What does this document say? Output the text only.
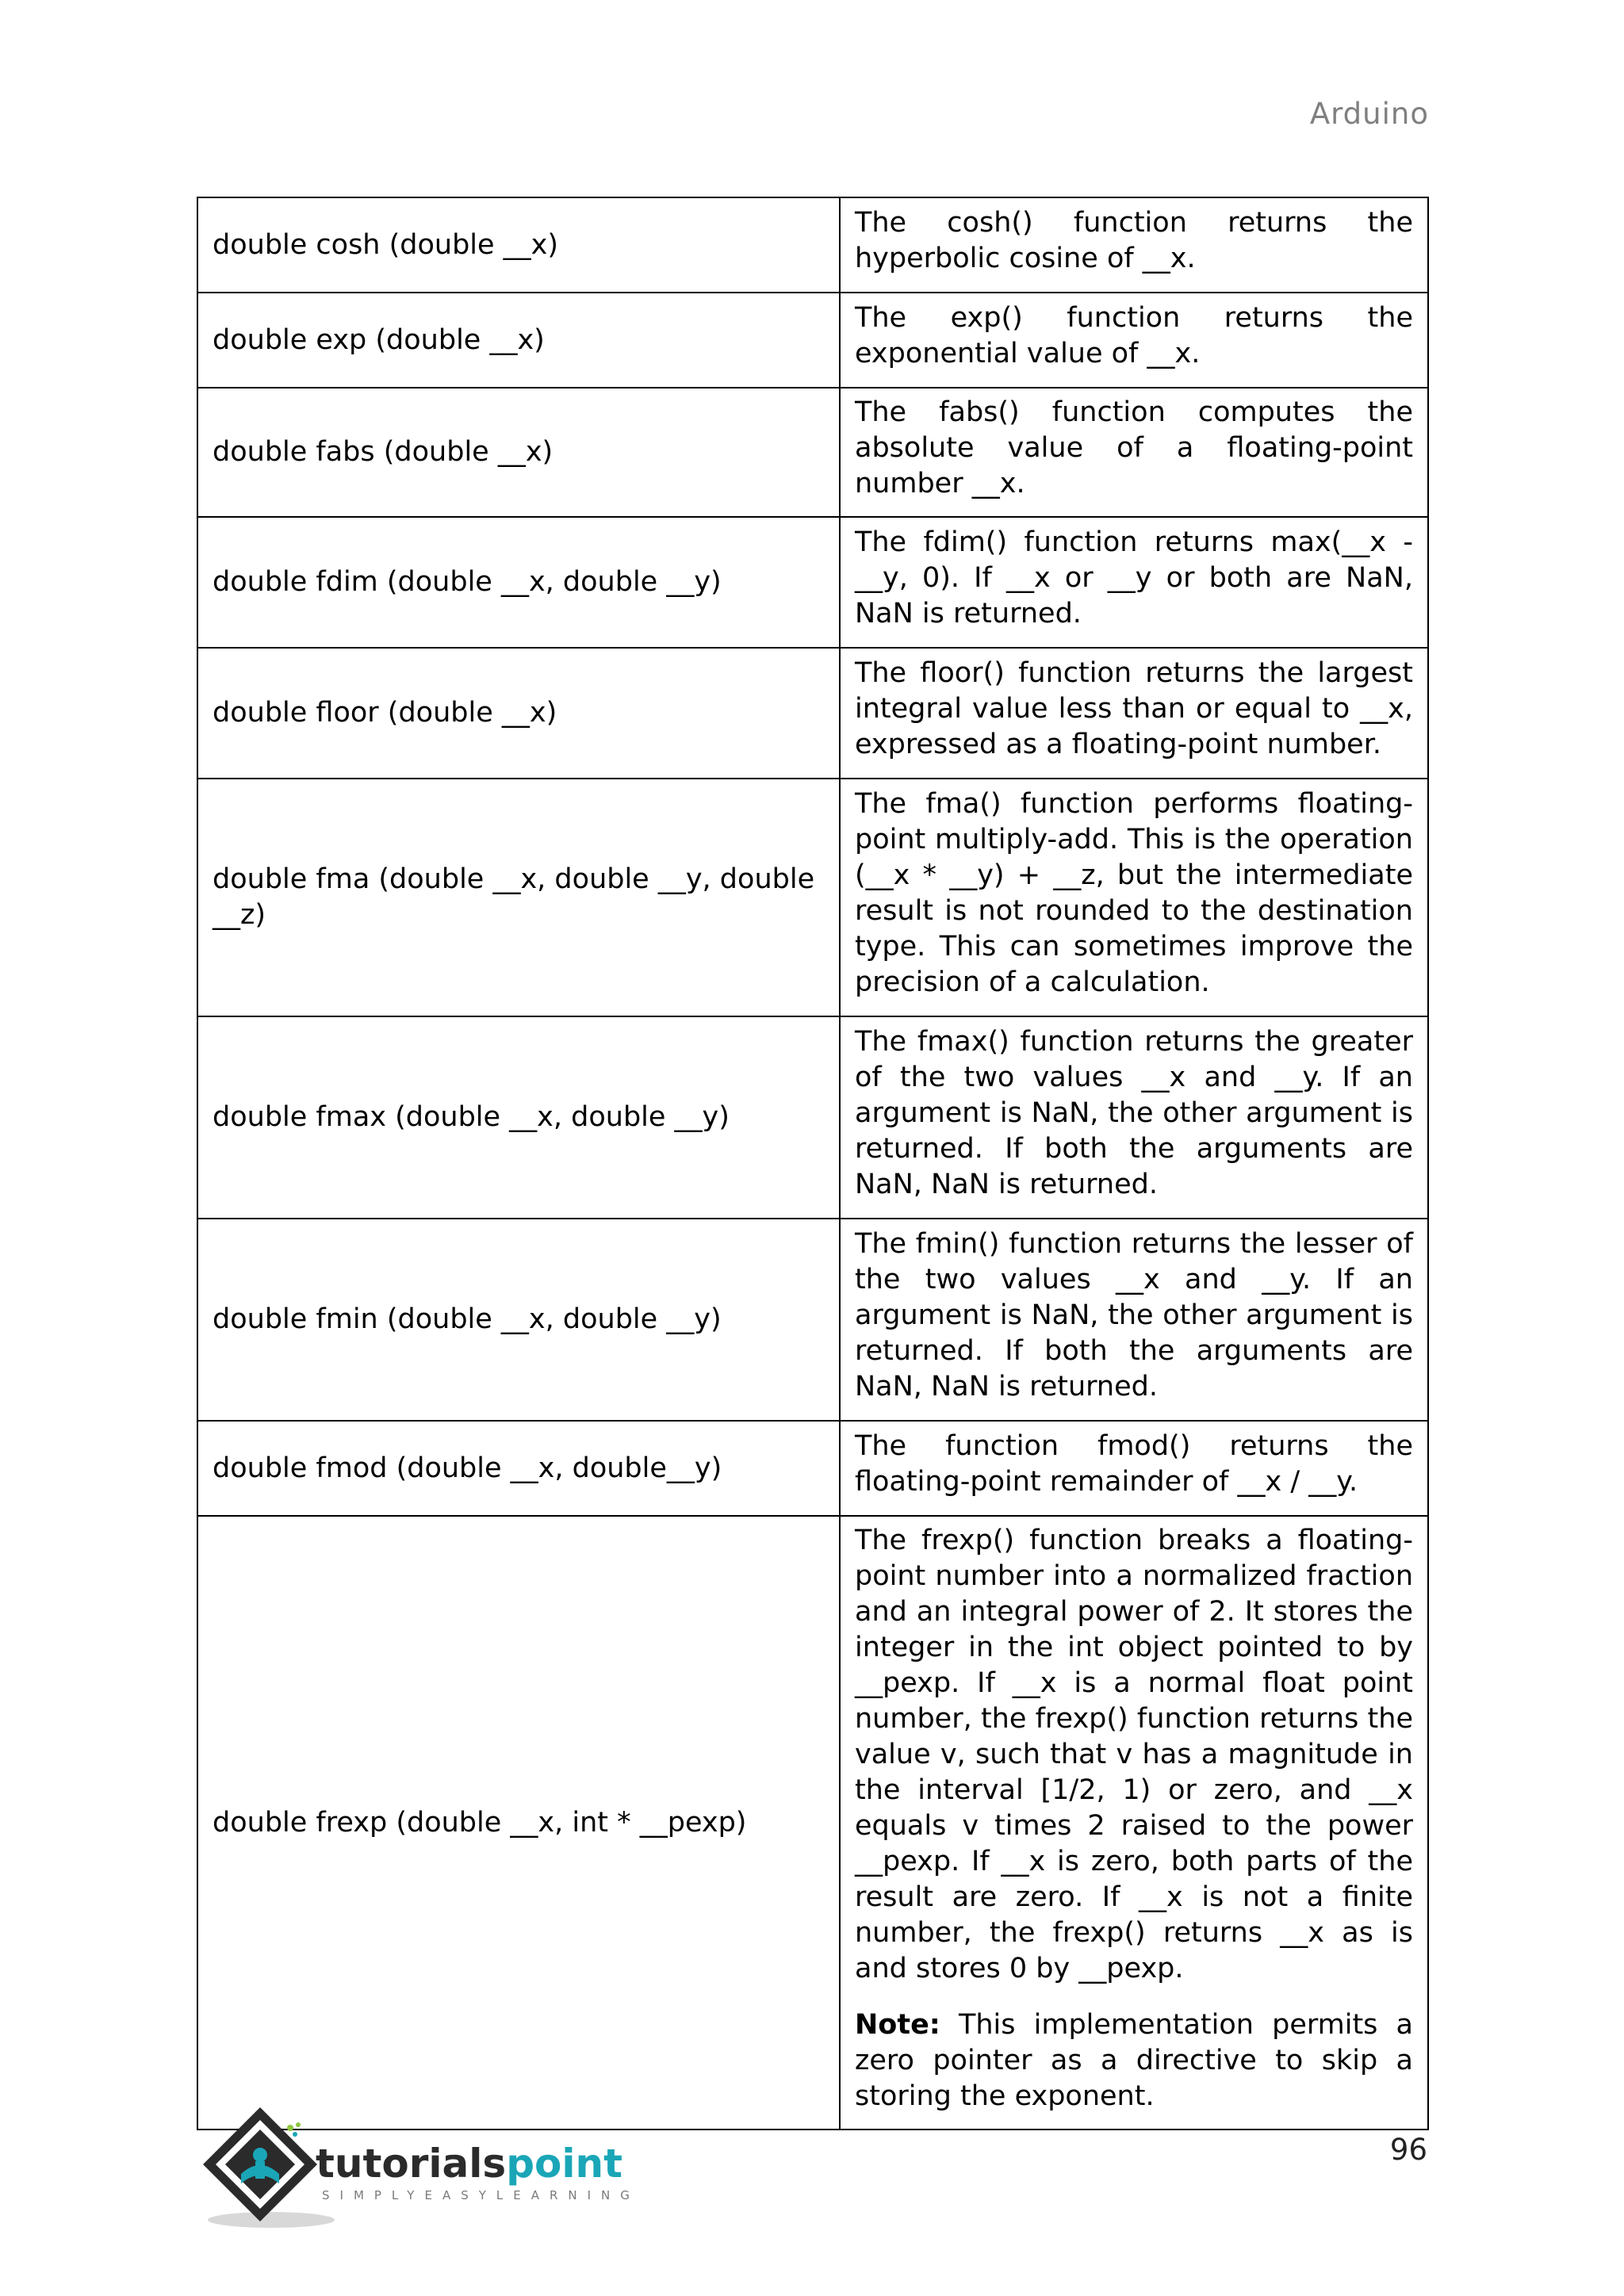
Arduino
double cosh (double __x)	The cosh() function returns the hyperbolic cosine of __x.
double exp (double __x)	The exp() function returns the exponential value of __x.
double fabs (double __x)	The fabs() function computes the absolute value of a floating-point number __x.
double fdim (double __x, double __y)	The fdim() function returns max(__x - __y, 0). If __x or __y or both are NaN, NaN is returned.
double floor (double __x)	The floor() function returns the largest integral value less than or equal to __x, expressed as a floating-point number.
double fma (double __x, double __y, double __z)	The fma() function performs floating-point multiply-add. This is the operation (__x * __y) + __z, but the intermediate result is not rounded to the destination type. This can sometimes improve the precision of a calculation.
double fmax (double __x, double __y)	The fmax() function returns the greater of the two values __x and __y. If an argument is NaN, the other argument is returned. If both the arguments are NaN, NaN is returned.
double fmin (double __x, double __y)	The fmin() function returns the lesser of the two values __x and __y. If an argument is NaN, the other argument is returned. If both the arguments are NaN, NaN is returned.
double fmod (double __x, double__y)	The function fmod() returns the floating-point remainder of __x / __y.
double frexp (double __x, int * __pexp)	The frexp() function breaks a floating-point number into a normalized fraction and an integral power of 2. It stores the integer in the int object pointed to by __pexp. If __x is a normal float point number, the frexp() function returns the value v, such that v has a magnitude in the interval [1/2, 1) or zero, and __x equals v times 2 raised to the power __pexp. If __x is zero, both parts of the result are zero. If __x is not a finite number, the frexp() returns __x as is and stores 0 by __pexp.

Note: This implementation permits a zero pointer as a directive to skip a storing the exponent.

tutorialspoint
SIMPLYEASYLEARNING
96
